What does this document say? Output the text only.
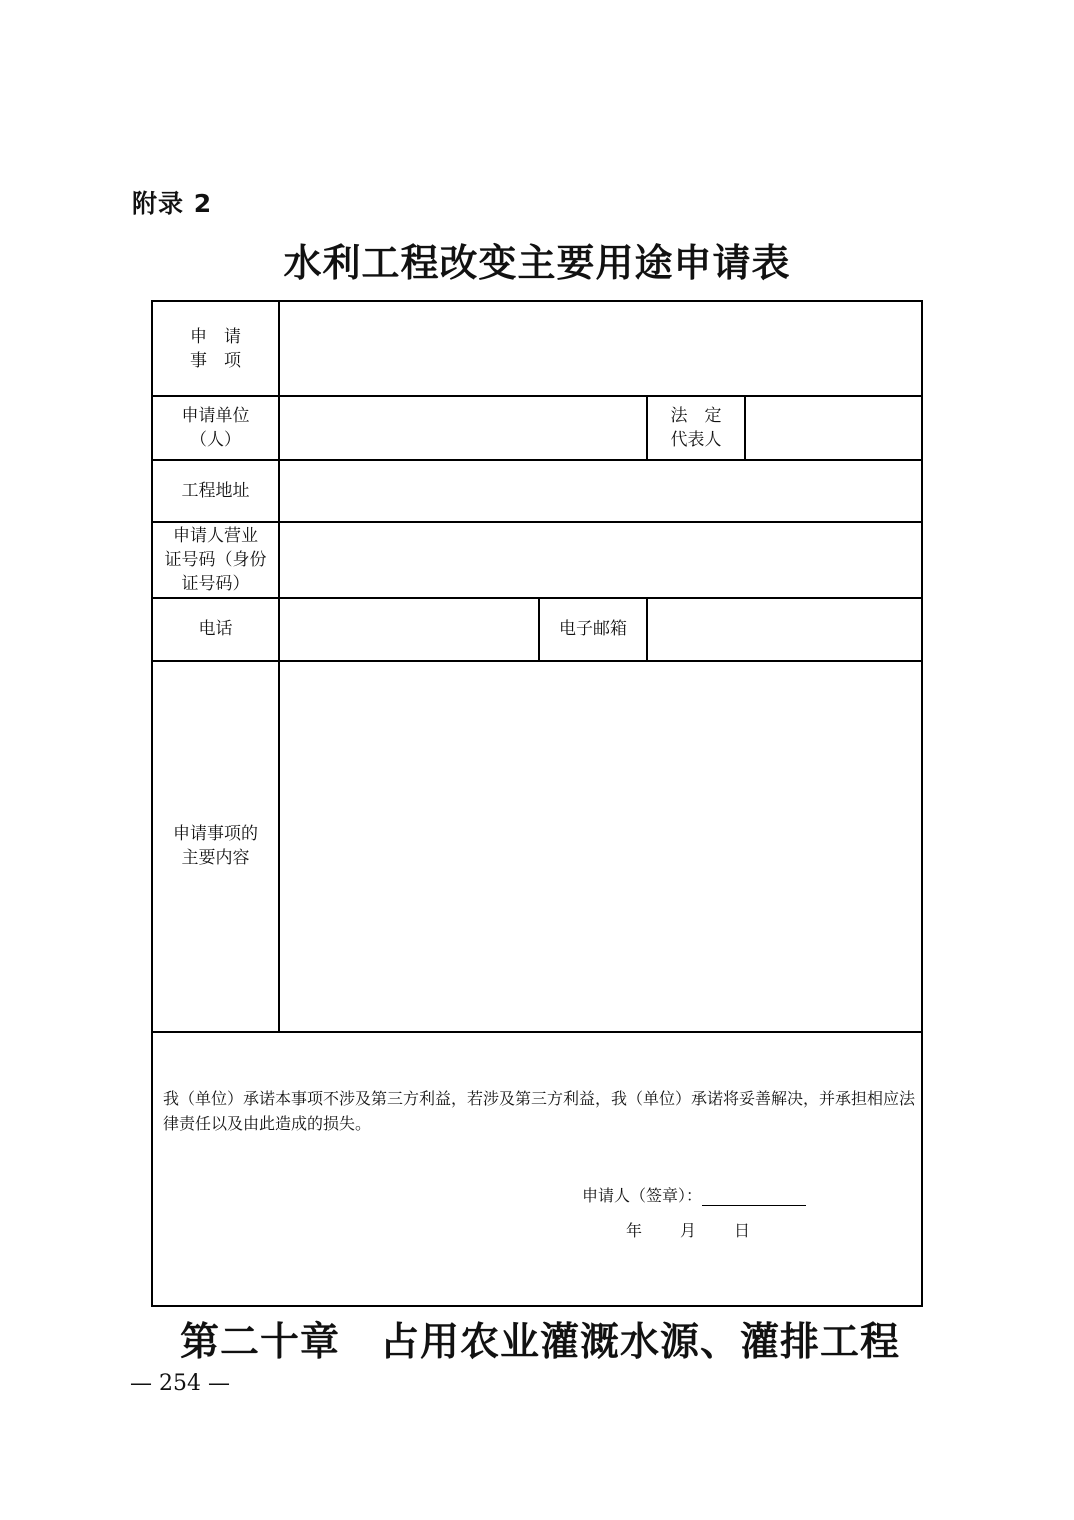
附录 2
水利工程改变主要用途申请表
申　请
事　项
申请单位
（人）
法　定
代表人
工程地址
申请人营业
证号码（身份
证号码）
电话	电子邮箱
申请事项的
主要内容
我（单位）承诺本事项不涉及第三方利益，若涉及第三方利益，我（单位）承诺将妥善解决，并承担相应法律责任以及由此造成的损失。
申请人（签章）：
年 月 日
第二十章　占用农业灌溉水源、灌排工程
— 254 —
